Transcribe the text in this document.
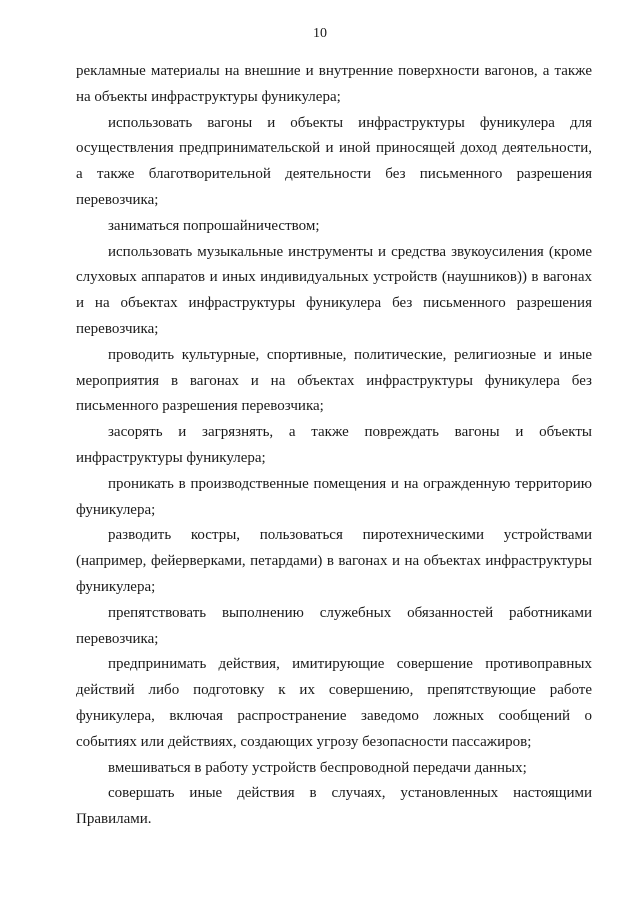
10

рекламные материалы на внешние и внутренние поверхности вагонов, а также на объекты инфраструктуры фуникулера;

использовать вагоны и объекты инфраструктуры фуникулера для осуществления предпринимательской и иной приносящей доход деятельности, а также благотворительной деятельности без письменного разрешения перевозчика;

заниматься попрошайничеством;

использовать музыкальные инструменты и средства звукоусиления (кроме слуховых аппаратов и иных индивидуальных устройств (наушников)) в вагонах и на объектах инфраструктуры фуникулера без письменного разрешения перевозчика;

проводить культурные, спортивные, политические, религиозные и иные мероприятия в вагонах и на объектах инфраструктуры фуникулера без письменного разрешения перевозчика;

засорять и загрязнять, а также повреждать вагоны и объекты инфраструктуры фуникулера;

проникать в производственные помещения и на огражденную территорию фуникулера;

разводить костры, пользоваться пиротехническими устройствами (например, фейерверками, петардами) в вагонах и на объектах инфраструктуры фуникулера;

препятствовать выполнению служебных обязанностей работниками перевозчика;

предпринимать действия, имитирующие совершение противоправных действий либо подготовку к их совершению, препятствующие работе фуникулера, включая распространение заведомо ложных сообщений о событиях или действиях, создающих угрозу безопасности пассажиров;

вмешиваться в работу устройств беспроводной передачи данных;

совершать иные действия в случаях, установленных настоящими Правилами.
